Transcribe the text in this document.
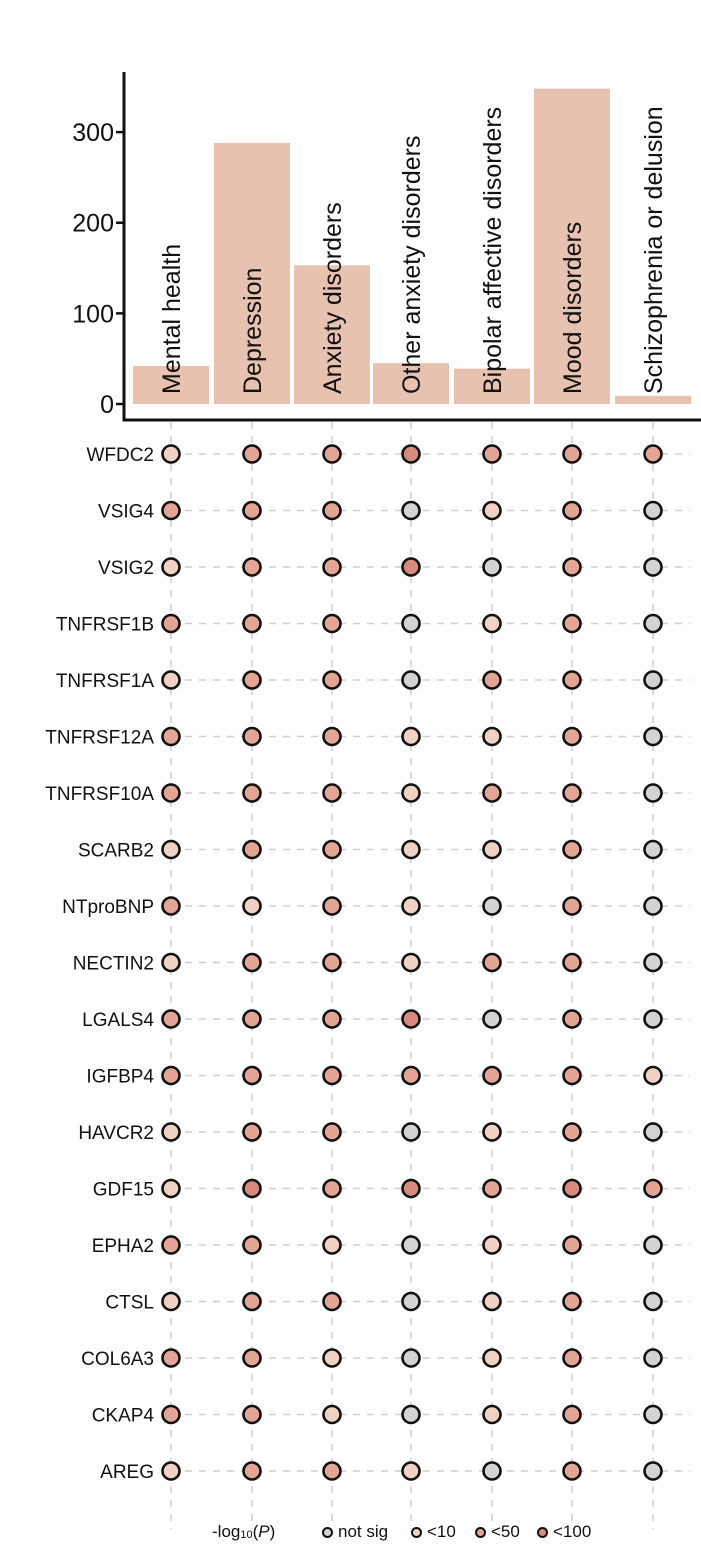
Mental health Depression Anxiety disorders Other anxiety disorders Bipolar affective disorders Mood disorders Schizophrenia or delusion
0
100
200
300
WFDC2
VSIG4
VSIG2
TNFRSF1B
TNFRSF1A
TNFRSF12A
TNFRSF10A
SCARB2
NTproBNP
NECTIN2
LGALS4
IGFBP4
HAVCR2
GDF15
EPHA2
CTSL
COL6A3
CKAP4
AREG
$-\log_{10}(P)$	not sig <10 <50 <100
